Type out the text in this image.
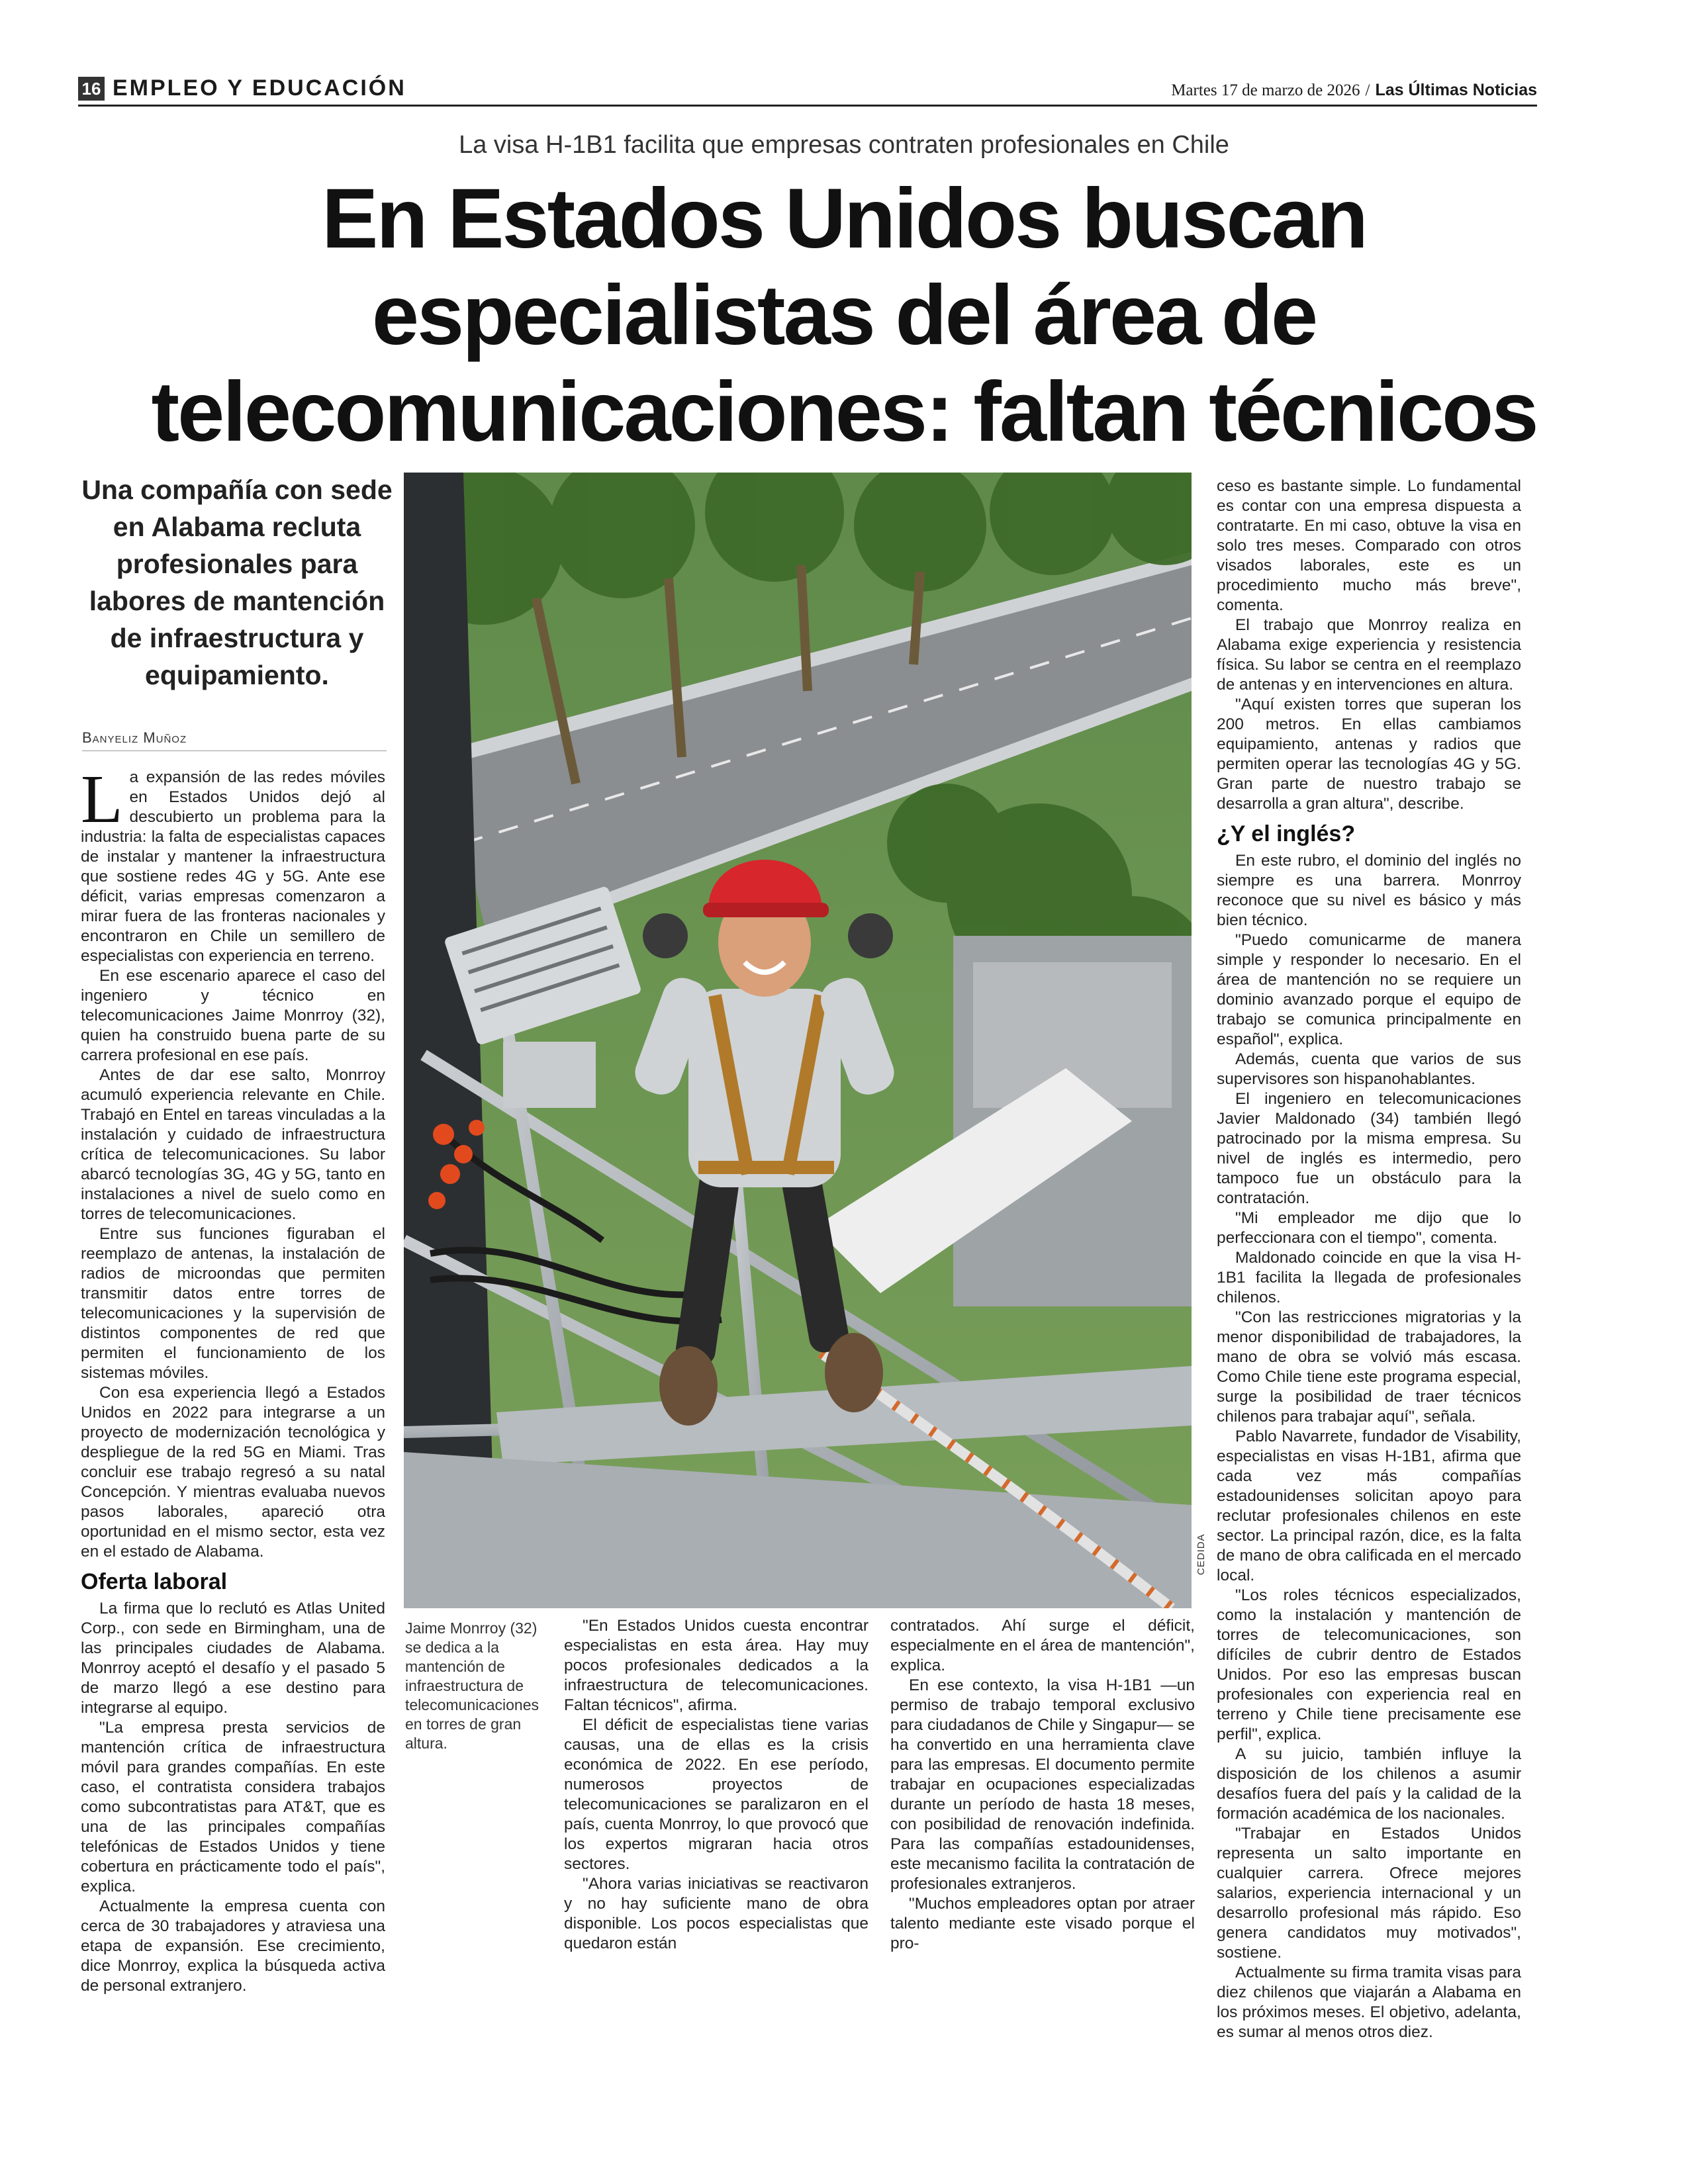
16 EMPLEO Y EDUCACIÓN	Martes 17 de marzo de 2026 / Las Últimas Noticias
La visa H-1B1 facilita que empresas contraten profesionales en Chile
En Estados Unidos buscan
especialistas del área de
telecomunicaciones: faltan técnicos

Una compañía con sede en Alabama recluta profesionales para labores de mantención de infraestructura y equipamiento.

Banyeliz Muñoz

La expansión de las redes móviles en Estados Unidos dejó al descubierto un problema para la industria: la falta de especialistas capaces de instalar y mantener la infraestructura que sostiene redes 4G y 5G. Ante ese déficit, varias empresas comenzaron a mirar fuera de las fronteras nacionales y encontraron en Chile un semillero de especialistas con experiencia en terreno.

En ese escenario aparece el caso del ingeniero y técnico en telecomunicaciones Jaime Monrroy (32), quien ha construido buena parte de su carrera profesional en ese país.

Antes de dar ese salto, Monrroy acumuló experiencia relevante en Chile. Trabajó en Entel en tareas vinculadas a la instalación y cuidado de infraestructura crítica de telecomunicaciones. Su labor abarcó tecnologías 3G, 4G y 5G, tanto en instalaciones a nivel de suelo como en torres de telecomunicaciones.

Entre sus funciones figuraban el reemplazo de antenas, la instalación de radios de microondas que permiten transmitir datos entre torres de telecomunicaciones y la supervisión de distintos componentes de red que permiten el funcionamiento de los sistemas móviles.

Con esa experiencia llegó a Estados Unidos en 2022 para integrarse a un proyecto de modernización tecnológica y despliegue de la red 5G en Miami. Tras concluir ese trabajo regresó a su natal Concepción. Y mientras evaluaba nuevos pasos laborales, apareció otra oportunidad en el mismo sector, esta vez en el estado de Alabama.

Oferta laboral

La firma que lo reclutó es Atlas United Corp., con sede en Birmingham, una de las principales ciudades de Alabama. Monrroy aceptó el desafío y el pasado 5 de marzo llegó a ese destino para integrarse al equipo.

"La empresa presta servicios de mantención crítica de infraestructura móvil para grandes compañías. En este caso, el contratista considera trabajos como subcontratistas para AT&T, que es una de las principales compañías telefónicas de Estados Unidos y tiene cobertura en prácticamente todo el país", explica.

Actualmente la empresa cuenta con cerca de 30 trabajadores y atraviesa una etapa de expansión. Ese crecimiento, dice Monrroy, explica la búsqueda activa de personal extranjero.

CEDIDA

Jaime Monrroy (32) se dedica a la mantención de infraestructura de telecomunicaciones en torres de gran altura.

"En Estados Unidos cuesta encontrar especialistas en esta área. Hay muy pocos profesionales dedicados a la infraestructura de telecomunicaciones. Faltan técnicos", afirma.

El déficit de especialistas tiene varias causas, una de ellas es la crisis económica de 2022. En ese período, numerosos proyectos de telecomunicaciones se paralizaron en el país, cuenta Monrroy, lo que provocó que los expertos migraran hacia otros sectores.

"Ahora varias iniciativas se reactivaron y no hay suficiente mano de obra disponible. Los pocos especialistas que quedaron están

contratados. Ahí surge el déficit, especialmente en el área de mantención", explica.

En ese contexto, la visa H-1B1 —un permiso de trabajo temporal exclusivo para ciudadanos de Chile y Singapur— se ha convertido en una herramienta clave para las empresas. El documento permite trabajar en ocupaciones especializadas durante un período de hasta 18 meses, con posibilidad de renovación indefinida. Para las compañías estadounidenses, este mecanismo facilita la contratación de profesionales extranjeros.

"Muchos empleadores optan por atraer talento mediante este visado porque el pro-

ceso es bastante simple. Lo fundamental es contar con una empresa dispuesta a contratarte. En mi caso, obtuve la visa en solo tres meses. Comparado con otros visados laborales, este es un procedimiento mucho más breve", comenta.

El trabajo que Monrroy realiza en Alabama exige experiencia y resistencia física. Su labor se centra en el reemplazo de antenas y en intervenciones en altura.

"Aquí existen torres que superan los 200 metros. En ellas cambiamos equipamiento, antenas y radios que permiten operar las tecnologías 4G y 5G. Gran parte de nuestro trabajo se desarrolla a gran altura", describe.

¿Y el inglés?

En este rubro, el dominio del inglés no siempre es una barrera. Monrroy reconoce que su nivel es básico y más bien técnico.

"Puedo comunicarme de manera simple y responder lo necesario. En el área de mantención no se requiere un dominio avanzado porque el equipo de trabajo se comunica principalmente en español", explica.

Además, cuenta que varios de sus supervisores son hispanohablantes.

El ingeniero en telecomunicaciones Javier Maldonado (34) también llegó patrocinado por la misma empresa. Su nivel de inglés es intermedio, pero tampoco fue un obstáculo para la contratación.

"Mi empleador me dijo que lo perfeccionara con el tiempo", comenta.

Maldonado coincide en que la visa H-1B1 facilita la llegada de profesionales chilenos.

"Con las restricciones migratorias y la menor disponibilidad de trabajadores, la mano de obra se volvió más escasa. Como Chile tiene este programa especial, surge la posibilidad de traer técnicos chilenos para trabajar aquí", señala.

Pablo Navarrete, fundador de Visability, especialistas en visas H-1B1, afirma que cada vez más compañías estadounidenses solicitan apoyo para reclutar profesionales chilenos en este sector. La principal razón, dice, es la falta de mano de obra calificada en el mercado local.

"Los roles técnicos especializados, como la instalación y mantención de torres de telecomunicaciones, son difíciles de cubrir dentro de Estados Unidos. Por eso las empresas buscan profesionales con experiencia real en terreno y Chile tiene precisamente ese perfil", explica.

A su juicio, también influye la disposición de los chilenos a asumir desafíos fuera del país y la calidad de la formación académica de los nacionales.

"Trabajar en Estados Unidos representa un salto importante en cualquier carrera. Ofrece mejores salarios, experiencia internacional y un desarrollo profesional más rápido. Eso genera candidatos muy motivados", sostiene.

Actualmente su firma tramita visas para diez chilenos que viajarán a Alabama en los próximos meses. El objetivo, adelanta, es sumar al menos otros diez.
